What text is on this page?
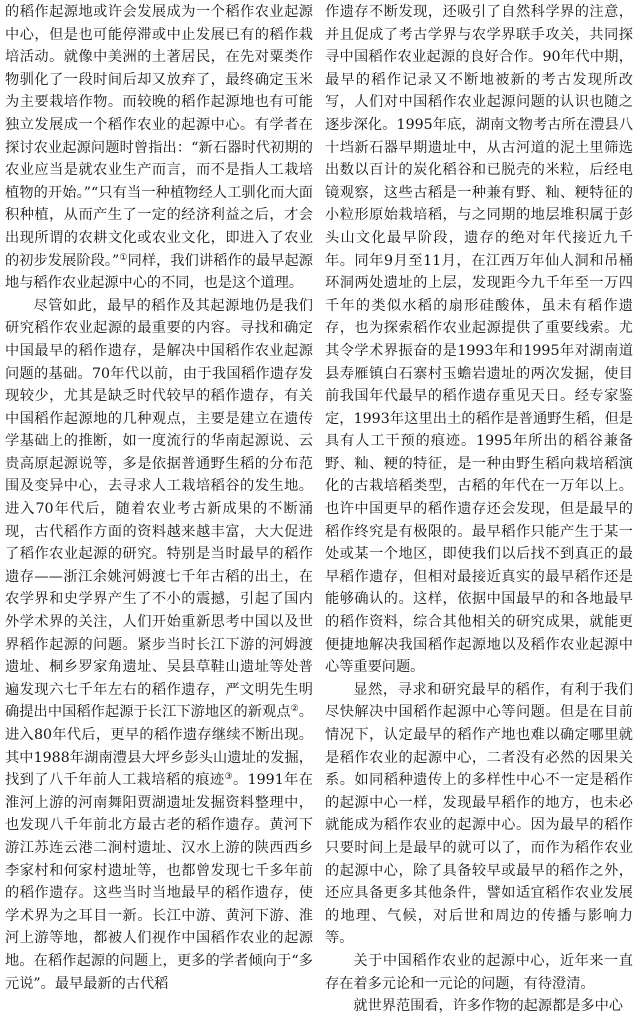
的稻作起源地或许会发展成为一个稻作农业起源中心，但是也可能停滞或中止发展已有的稻作栽培活动。就像中美洲的土著居民，在先对粟类作物驯化了一段时间后却又放弃了，最终确定玉米为主要栽培作物。而较晚的稻作起源地也有可能独立发展成一个稻作农业的起源中心。有学者在探讨农业起源问题时曾指出：“新石器时代初期的农业应当是就农业生产而言，而不是指人工栽培植物的开始。”“只有当一种植物经人工驯化而大面积种植，从而产生了一定的经济利益之后，才会出现所谓的农耕文化或农业文化，即进入了农业的初步发展阶段。”①同样，我们讲稻作的最早起源地与稻作农业起源中心的不同，也是这个道理。

尽管如此，最早的稻作及其起源地仍是我们研究稻作农业起源的最重要的内容。寻找和确定中国最早的稻作遗存，是解决中国稻作农业起源问题的基础。70年代以前，由于我国稻作遗存发现较少，尤其是缺乏时代较早的稻作遗存，有关中国稻作起源地的几种观点，主要是建立在遗传学基础上的推断，如一度流行的华南起源说、云贵高原起源说等，多是依据普通野生稻的分布范围及变异中心，去寻求人工栽培稻谷的发生地。进入70年代后，随着农业考古新成果的不断涌现，古代稻作方面的资料越来越丰富，大大促进了稻作农业起源的研究。特别是当时最早的稻作遗存——浙江余姚河姆渡七千年古稻的出土，在农学界和史学界产生了不小的震撼，引起了国内外学术界的关注，人们开始重新思考中国以及世界稻作起源的问题。紧步当时长江下游的河姆渡遗址、桐乡罗家角遗址、吴县草鞋山遗址等处普遍发现六七千年左右的稻作遗存，严文明先生明确提出中国稻作起源于长江下游地区的新观点②。进入80年代后，更早的稻作遗存继续不断出现。其中1988年湖南澧县大坪乡彭头山遗址的发掘，找到了八千年前人工栽培稻的痕迹③。1991年在淮河上游的河南舞阳贾湖遗址发掘资料整理中，也发现八千年前北方最古老的稻作遗存。黄河下游江苏连云港二涧村遗址、汉水上游的陕西西乡李家村和何家村遗址等，也都曾发现七千多年前的稻作遗存。这些当时当地最早的稻作遗存，使学术界为之耳目一新。长江中游、黄河下游、淮河上游等地，都被人们视作中国稻作农业的起源地。在稻作起源的问题上，更多的学者倾向于“多元说”。最早最新的古代稻

作遗存不断发现，还吸引了自然科学界的注意，并且促成了考古学界与农学界联手攻关，共同探寻中国稻作农业起源的良好合作。90年代中期，最早的稻作记录又不断地被新的考古发现所改写，人们对中国稻作农业起源问题的认识也随之逐步深化。1995年底，湖南文物考古所在澧县八十垱新石器早期遗址中，从古河道的泥土里筛选出数以百计的炭化稻谷和已脱壳的米粒，后经电镜观察，这些古稻是一种兼有野、籼、粳特征的小粒形原始栽培稻，与之同期的地层堆积属于彭头山文化最早阶段，遗存的绝对年代接近九千年。同年9月至11月，在江西万年仙人洞和吊桶环洞两处遗址的上层，发现距今九千年至一万四千年的类似水稻的扇形硅酸体，虽未有稻作遗存，也为探索稻作农业起源提供了重要线索。尤其令学术界振奋的是1993年和1995年对湖南道县寿雁镇白石寨村玉蟾岩遗址的两次发掘，使目前我国年代最早的稻作遗存重见天日。经专家鉴定，1993年这里出土的稻作是普通野生稻，但是具有人工干预的痕迹。1995年所出的稻谷兼备野、籼、粳的特征，是一种由野生稻向栽培稻演化的古栽培稻类型，古稻的年代在一万年以上。也许中国更早的稻作遗存还会发现，但是最早的稻作终究是有极限的。最早稻作只能产生于某一处或某一个地区，即使我们以后找不到真正的最早稻作遗存，但相对最接近真实的最早稻作还是能够确认的。这样，依据中国最早的和各地最早的稻作资料，综合其他相关的研究成果，就能更便捷地解决我国稻作起源地以及稻作农业起源中心等重要问题。

显然，寻求和研究最早的稻作，有利于我们尽快解决中国稻作起源中心等问题。但是在目前情况下，认定最早的稻作产地也难以确定哪里就是稻作农业的起源中心，二者没有必然的因果关系。如同稻种遗传上的多样性中心不一定是稻作的起源中心一样，发现最早稻作的地方，也未必就能成为稻作农业的起源中心。因为最早的稻作只要时间上是最早的就可以了，而作为稻作农业的起源中心，除了具备较早或最早的稻作之外，还应具备更多其他条件，譬如适宜稻作农业发展的地理、气候，对后世和周边的传播与影响力等。

关于中国稻作农业的起源中心，近年来一直存在着多元论和一元论的问题，有待澄清。

就世界范围看，许多作物的起源都是多中心
